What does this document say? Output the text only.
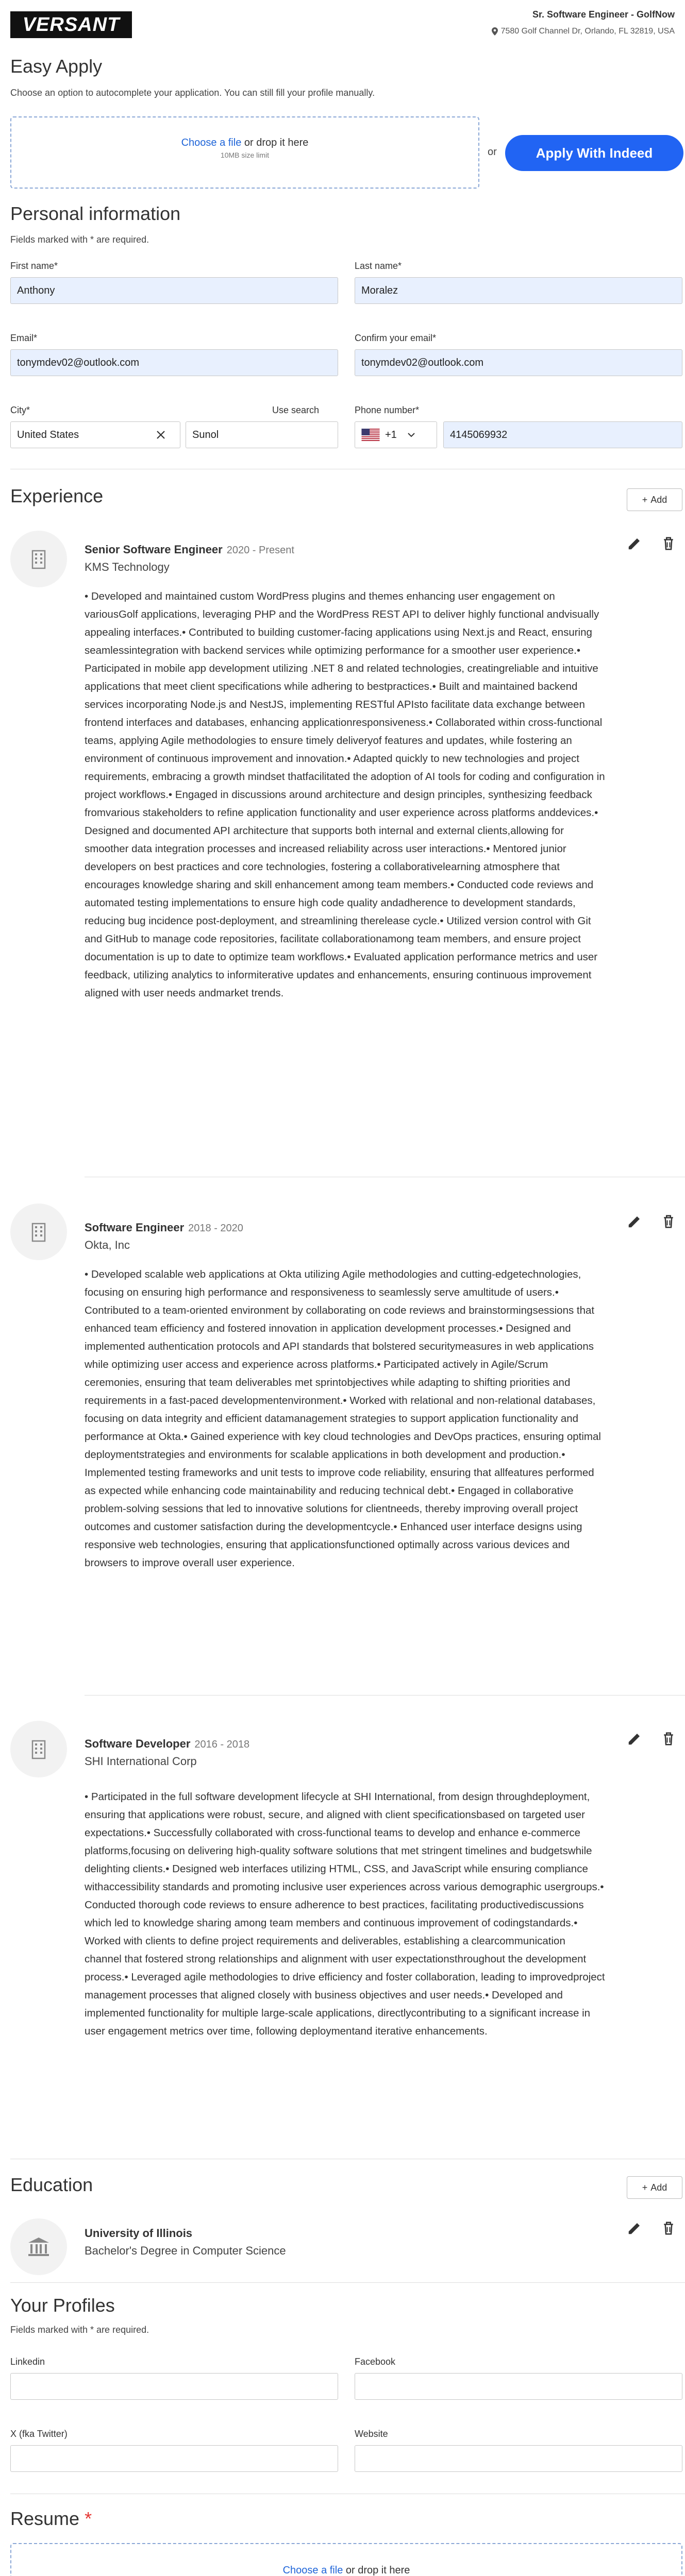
VERSANT	Sr. Software Engineer - GolfNow
7580 Golf Channel Dr, Orlando, FL 32819, USA
Easy Apply
Choose an option to autocomplete your application. You can still fill your profile manually.
Choose a file or drop it here
10MB size limit	or	Apply With Indeed
Personal information
Fields marked with * are required.
First name*
Anthony
Last name*
Moralez
Email*
tonymdev02@outlook.com
Confirm your email*
tonymdev02@outlook.com
City*	Use search
United States	Sunol
Phone number*
+1	4145069932
Experience	+ Add
Senior Software Engineer 2020 - Present
KMS Technology
• Developed and maintained custom WordPress plugins and themes enhancing user engagement on variousGolf applications, leveraging PHP and the WordPress REST API to deliver highly functional andvisually appealing interfaces.• Contributed to building customer-facing applications using Next.js and React, ensuring seamlessintegration with backend services while optimizing performance for a smoother user experience.• Participated in mobile app development utilizing .NET 8 and related technologies, creatingreliable and intuitive applications that meet client specifications while adhering to bestpractices.• Built and maintained backend services incorporating Node.js and NestJS, implementing RESTful APIsto facilitate data exchange between frontend interfaces and databases, enhancing applicationresponsiveness.• Collaborated within cross-functional teams, applying Agile methodologies to ensure timely deliveryof features and updates, while fostering an environment of continuous improvement and innovation.• Adapted quickly to new technologies and project requirements, embracing a growth mindset thatfacilitated the adoption of AI tools for coding and configuration in project workflows.• Engaged in discussions around architecture and design principles, synthesizing feedback fromvarious stakeholders to refine application functionality and user experience across platforms anddevices.• Designed and documented API architecture that supports both internal and external clients,allowing for smoother data integration processes and increased reliability across user interactions.• Mentored junior developers on best practices and core technologies, fostering a collaborativelearning atmosphere that encourages knowledge sharing and skill enhancement among team members.• Conducted code reviews and automated testing implementations to ensure high code quality andadherence to development standards, reducing bug incidence post-deployment, and streamlining therelease cycle.• Utilized version control with Git and GitHub to manage code repositories, facilitate collaborationamong team members, and ensure project documentation is up to date to optimize team workflows.• Evaluated application performance metrics and user feedback, utilizing analytics to informiterative updates and enhancements, ensuring continuous improvement aligned with user needs andmarket trends.
Software Engineer 2018 - 2020
Okta, Inc
• Developed scalable web applications at Okta utilizing Agile methodologies and cutting-edgetechnologies, focusing on ensuring high performance and responsiveness to seamlessly serve amultitude of users.• Contributed to a team-oriented environment by collaborating on code reviews and brainstormingsessions that enhanced team efficiency and fostered innovation in application development processes.• Designed and implemented authentication protocols and API standards that bolstered securitymeasures in web applications while optimizing user access and experience across platforms.• Participated actively in Agile/Scrum ceremonies, ensuring that team deliverables met sprintobjectives while adapting to shifting priorities and requirements in a fast-paced developmentenvironment.• Worked with relational and non-relational databases, focusing on data integrity and efficient datamanagement strategies to support application functionality and performance at Okta.• Gained experience with key cloud technologies and DevOps practices, ensuring optimal deploymentstrategies and environments for scalable applications in both development and production.• Implemented testing frameworks and unit tests to improve code reliability, ensuring that allfeatures performed as expected while enhancing code maintainability and reducing technical debt.• Engaged in collaborative problem-solving sessions that led to innovative solutions for clientneeds, thereby improving overall project outcomes and customer satisfaction during the developmentcycle.• Enhanced user interface designs using responsive web technologies, ensuring that applicationsfunctioned optimally across various devices and browsers to improve overall user experience.
Software Developer 2016 - 2018
SHI International Corp
• Participated in the full software development lifecycle at SHI International, from design throughdeployment, ensuring that applications were robust, secure, and aligned with client specificationsbased on targeted user expectations.• Successfully collaborated with cross-functional teams to develop and enhance e-commerce platforms,focusing on delivering high-quality software solutions that met stringent timelines and budgetswhile delighting clients.• Designed web interfaces utilizing HTML, CSS, and JavaScript while ensuring compliance withaccessibility standards and promoting inclusive user experiences across various demographic usergroups.• Conducted thorough code reviews to ensure adherence to best practices, facilitating productivediscussions which led to knowledge sharing among team members and continuous improvement of codingstandards.• Worked with clients to define project requirements and deliverables, establishing a clearcommunication channel that fostered strong relationships and alignment with user expectationsthroughout the development process.• Leveraged agile methodologies to drive efficiency and foster collaboration, leading to improvedproject management processes that aligned closely with business objectives and user needs.• Developed and implemented functionality for multiple large-scale applications, directlycontributing to a significant increase in user engagement metrics over time, following deploymentand iterative enhancements.
Education	+ Add
University of Illinois
Bachelor's Degree in Computer Science
Your Profiles
Fields marked with * are required.
Linkedin	Facebook
X (fka Twitter)	Website
Resume *
Choose a file or drop it here
